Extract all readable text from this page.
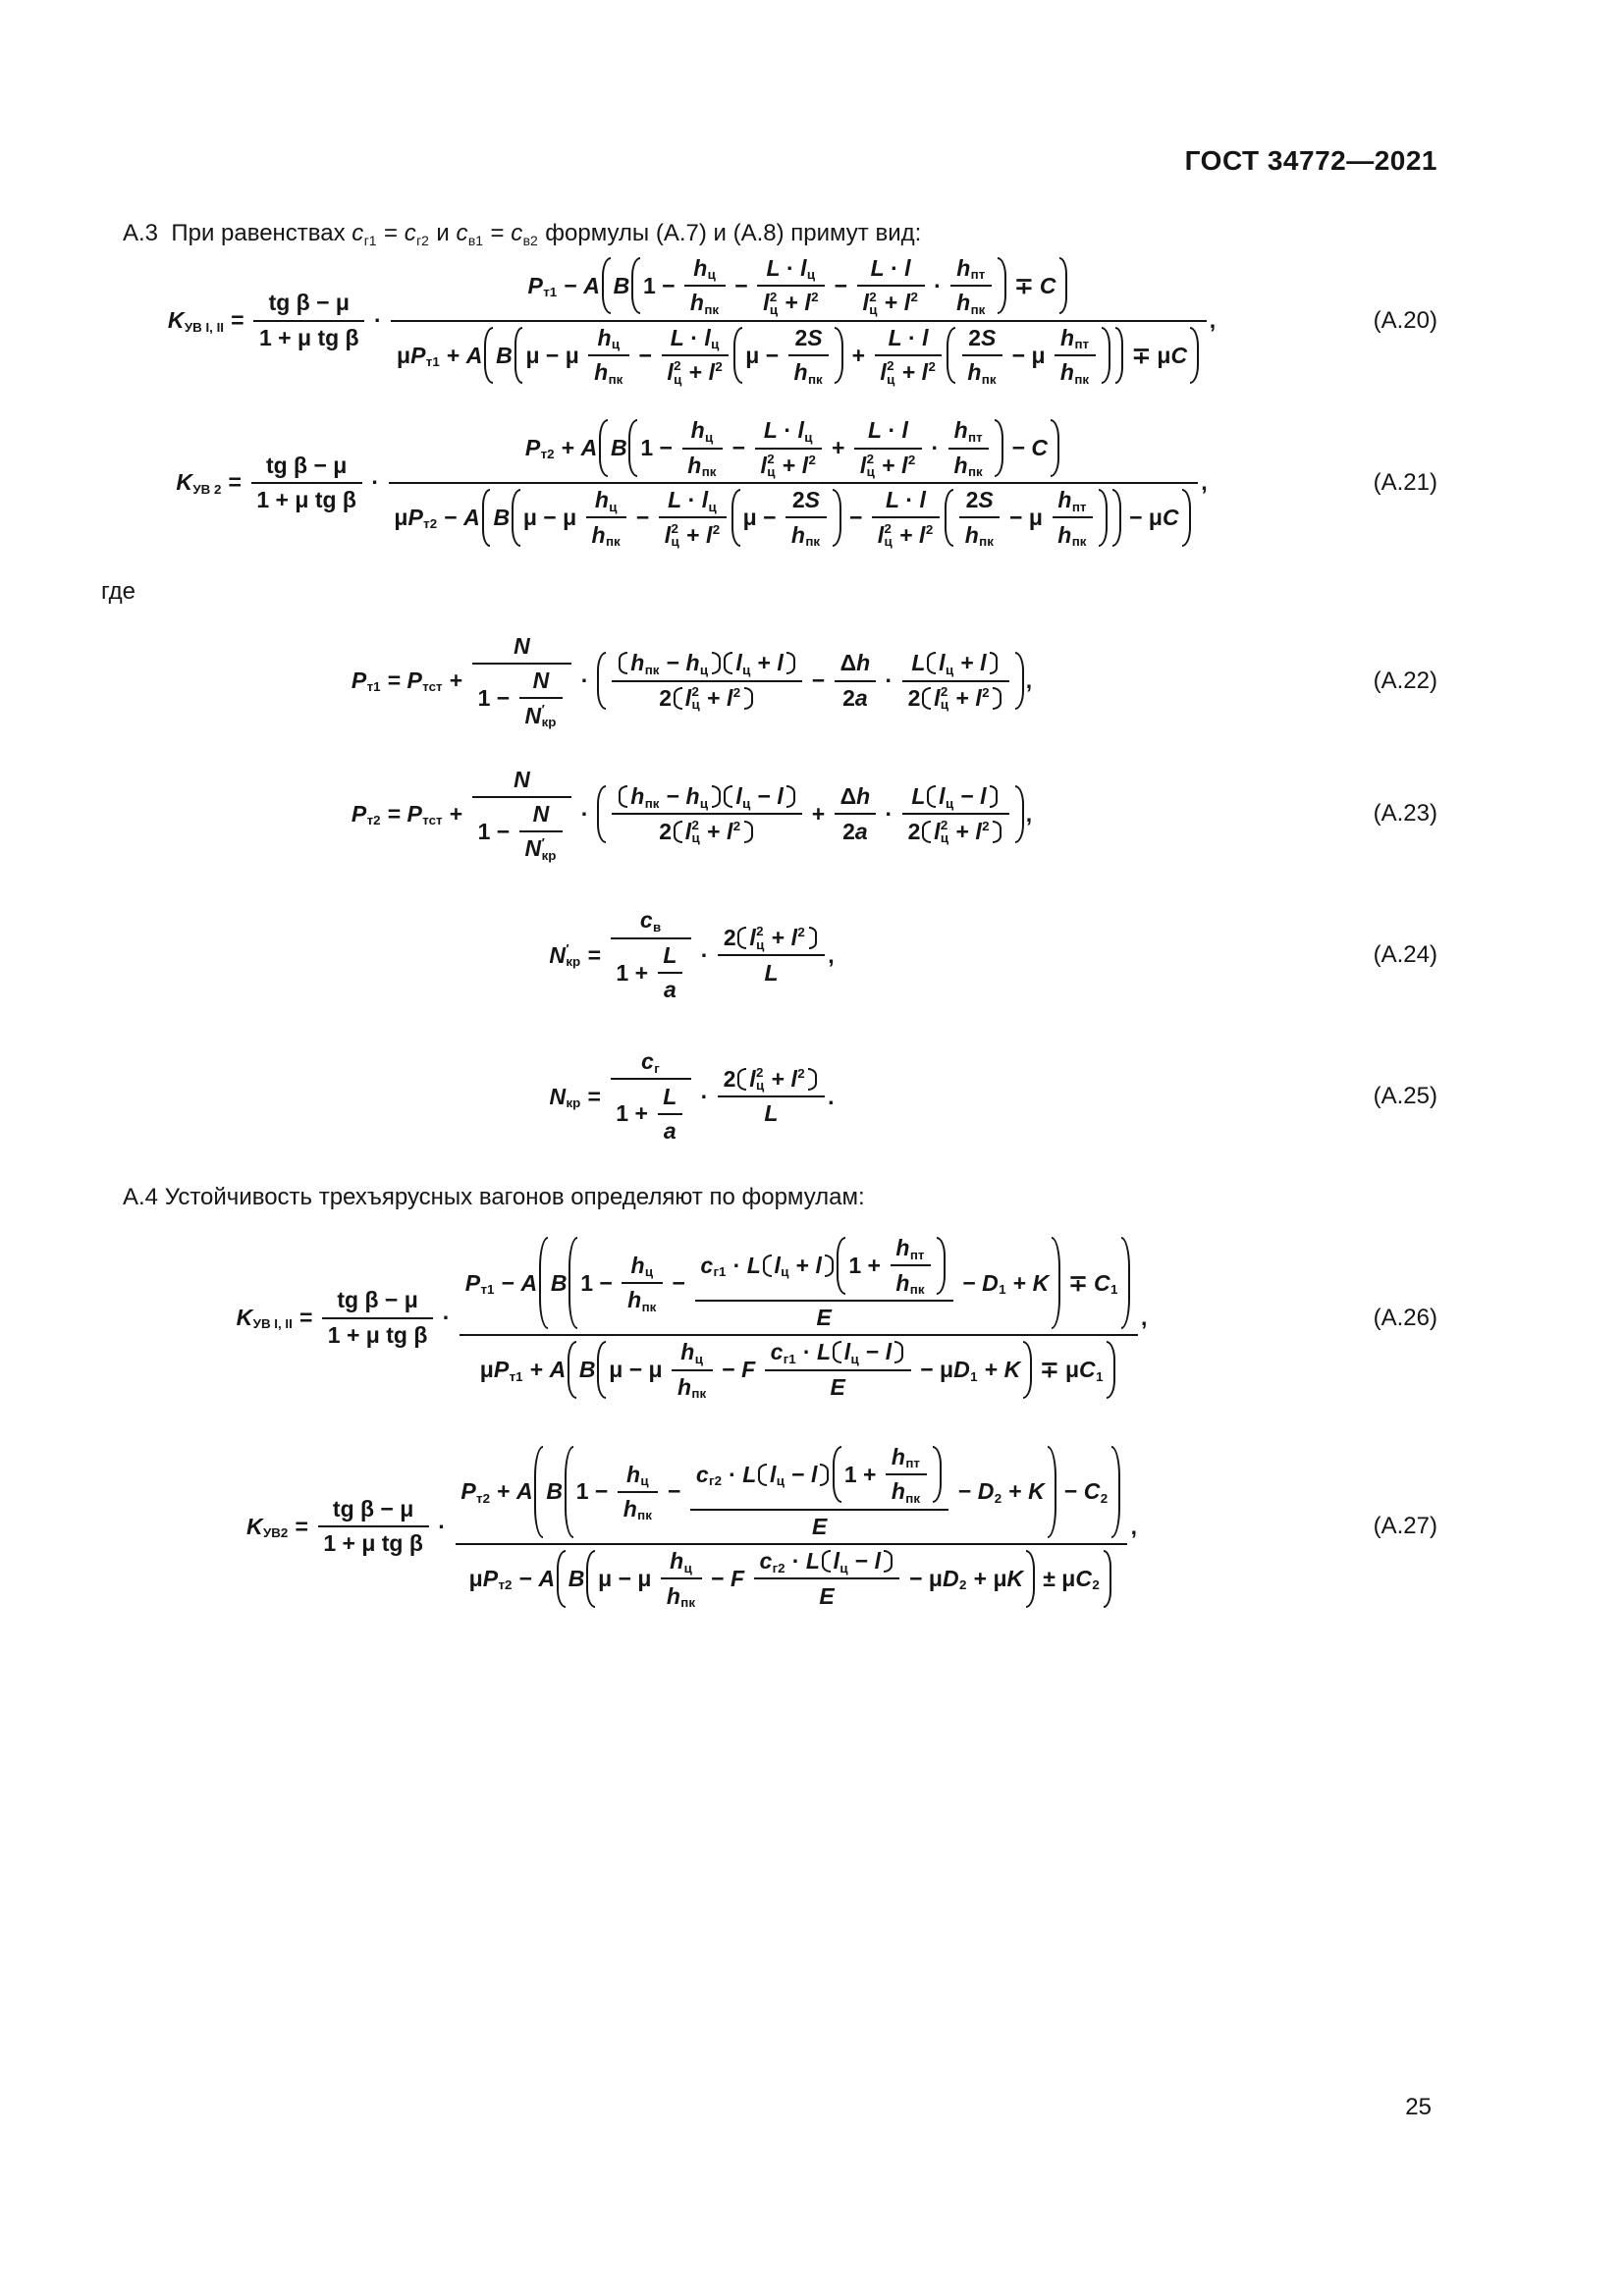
ГОСТ 34772—2021
А.3  При равенствах с г1 = с г2 и с в1 = с в2 формулы (А.7) и (А.8) примут вид:
K УВ I, II = $\frac{\text{tg β − μ}}{\text{1 + μ tg β}}$ ·
P т1 − A B 1 −
h ц
h пк
−
L · l ц
l 2
ц + l 2 −
L · l
l 2
ц + l 2 ·
h пт
h пк
∓ C
μ P т1 + A B μ − μ
h ц
h пк
−
L · l ц
l 2
ц + l 2 μ −
2 S
h пк
+
L · l
l 2
ц + l 2
2 S
h пк
− μ
h пт
h пк
∓ μ C
,	(А.20)
K УВ $2 = \frac{\text{tg β − μ}}{\text{1 + μ tg β}}$ ·
P т2 + A B 1 −
h ц
h пк
−
L · l ц
l 2
ц + l 2 +
L · l
l 2
ц + l 2 ·
h пт
h пк
− C
μ P т2 − A B μ − μ
h ц
h пк
−
L · l ц
l 2
ц + l 2 μ −
2 S
h пк
−
L · l
l 2
ц + l 2
2 S
h пк
− μ
h пт
h пк
− μ C
,	(А.21)
где
P т1 = P тст +
N
1 −
N
N ′
кр
·
h пк − h ц l ц + l
2 l 2
ц + l 2	− $\frac{\text{Δ h}}{2 a}$ ·
L l ц + l
2 l 2
ц + l 2 ,	(А.22)
P т2 = P тст +
N
1 −
N
N ′
кр
·
h пк − h ц l ц − l
2 l 2
ц + l 2	+ $\frac{\text{Δ h}}{2 a}$ ·
L l ц − l
2 l 2
ц + l 2 ,	(А.23)
N ′
кр =
c в
$1 + \frac{L}{a}$ ·
2 l 2
ц + l 2
L
,	(А.24)
N кр =
c г
$1 + \frac{L}{a}$ ·
2 l 2
ц + l 2
L
.	(А.25)
А.4 Устойчивость трехъярусных вагонов определяют по формулам:
K УВ I, II = $\frac{\text{tg β − μ}}{\text{1 + μ tg β}}$ ·
P т1 − A B 1 −
h ц
h пк
−
c г1 · L l ц + l 1 +
h пт
h пк
E
− D 1 + K ∓ C 1
μ P т1 + A B μ − μ
h ц
h пк
− F

c г1 · L l ц − l
E
− μ D 1 + K ∓ μ C 1
,	(А.26)
K $УВ2 = \frac{\text{tg β − μ}}{\text{1 + μ tg β}}$ ·
P т2 + A B 1 −
h ц
h пк
−
c г2 · L l ц − l 1 +
h пт
h пк
E
− D 2 + K − C 2
μ P т2 − A B μ − μ
h ц
h пк
− F

c г2 · L l ц − l
E
− μ D 2 + μ K ± μ C 2
,	(А.27)
25
